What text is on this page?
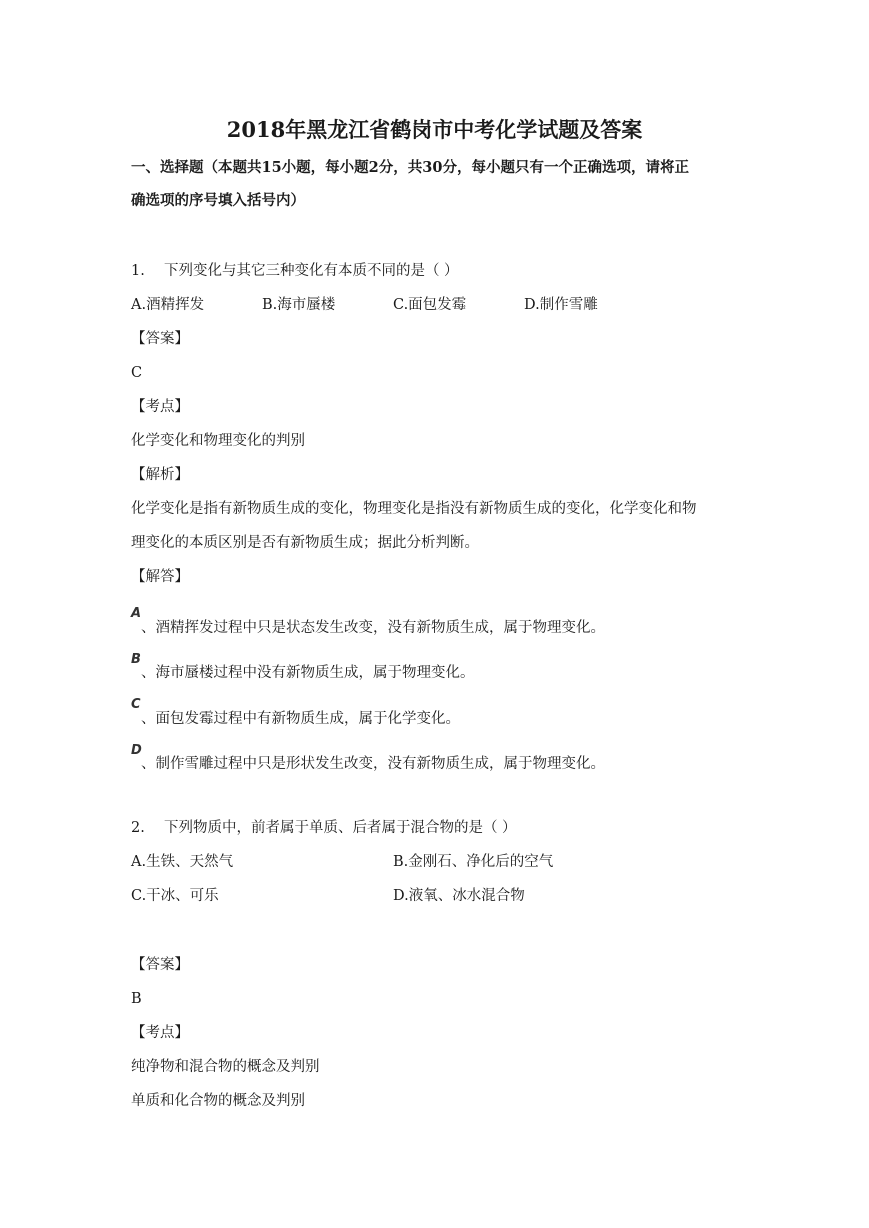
2018年黑龙江省鹤岗市中考化学试题及答案
一、选择题（本题共15小题，每小题2分，共30分，每小题只有一个正确选项，请将正
确选项的序号填入括号内）
1.　 下列变化与其它三种变化有本质不同的是（ ）
A.酒精挥发	B.海市蜃楼	C.面包发霉	D.制作雪雕
【答案】
C
【考点】
化学变化和物理变化的判别
【解析】
化学变化是指有新物质生成的变化，物理变化是指没有新物质生成的变化，化学变化和物
理变化的本质区别是否有新物质生成；据此分析判断。
【解答】
A
、酒精挥发过程中只是状态发生改变，没有新物质生成，属于物理变化。
B
、海市蜃楼过程中没有新物质生成，属于物理变化。
C
、面包发霉过程中有新物质生成，属于化学变化。
D
、制作雪雕过程中只是形状发生改变，没有新物质生成，属于物理变化。
2.　 下列物质中，前者属于单质、后者属于混合物的是（ ）
A.生铁、天然气	B.金刚石、净化后的空气
C.干冰、可乐	D.液氧、冰水混合物
【答案】
B
【考点】
纯净物和混合物的概念及判别
单质和化合物的概念及判别
